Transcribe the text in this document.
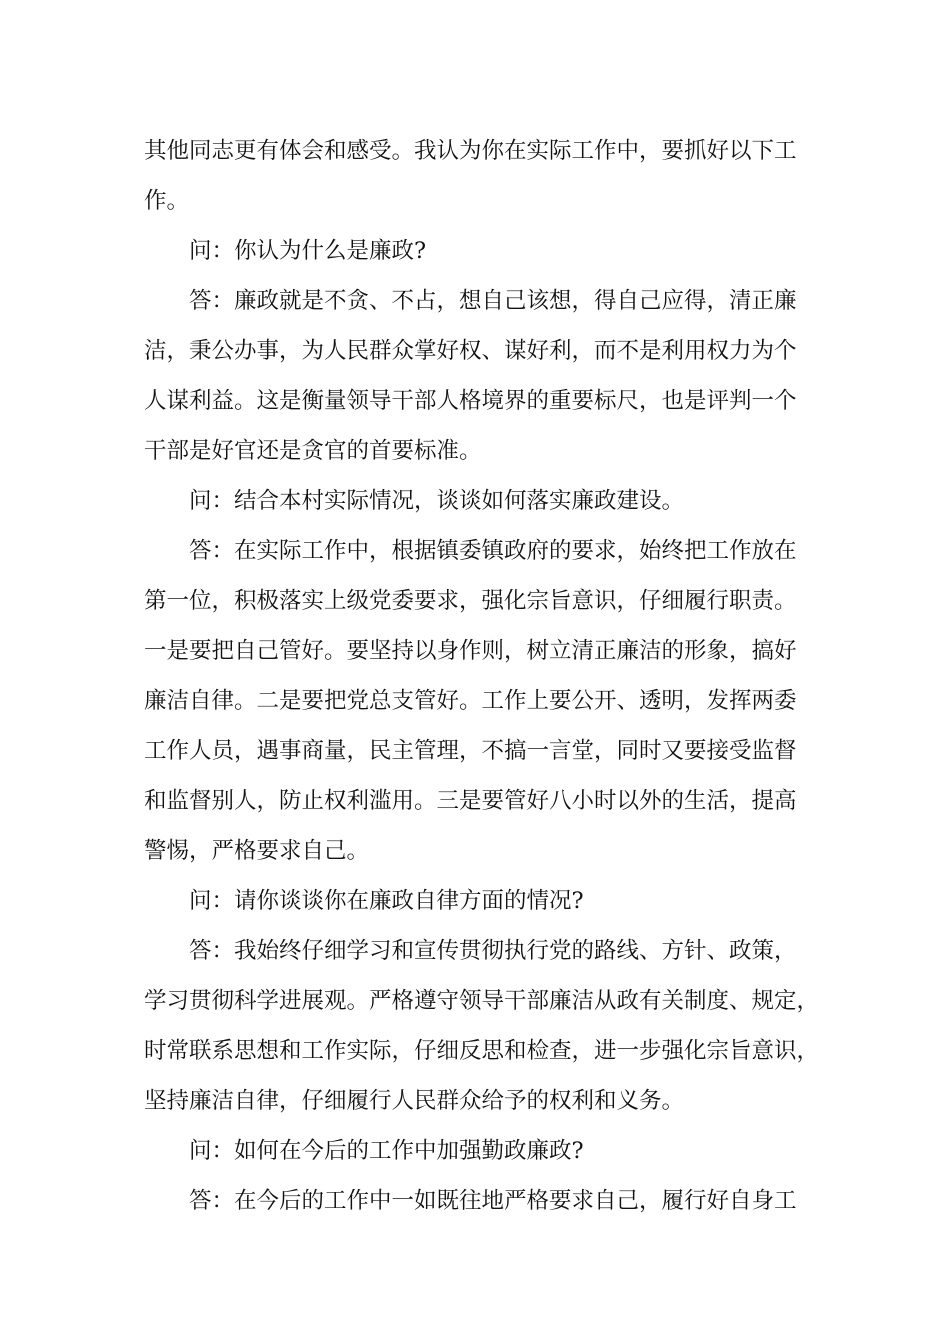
其他同志更有体会和感受。我认为你在实际工作中，要抓好以下工
作。
问：你认为什么是廉政?
答：廉政就是不贪、不占，想自己该想，得自己应得，清正廉
洁，秉公办事，为人民群众掌好权、谋好利，而不是利用权力为个
人谋利益。这是衡量领导干部人格境界的重要标尺，也是评判一个
干部是好官还是贪官的首要标准。
问：结合本村实际情况，谈谈如何落实廉政建设。
答：在实际工作中，根据镇委镇政府的要求，始终把工作放在
第一位，积极落实上级党委要求，强化宗旨意识，仔细履行职责。
一是要把自己管好。要坚持以身作则，树立清正廉洁的形象，搞好
廉洁自律。二是要把党总支管好。工作上要公开、透明，发挥两委
工作人员，遇事商量，民主管理，不搞一言堂，同时又要接受监督
和监督别人，防止权利滥用。三是要管好八小时以外的生活，提高
警惕，严格要求自己。
问：请你谈谈你在廉政自律方面的情况?
答：我始终仔细学习和宣传贯彻执行党的路线、方针、政策，
学习贯彻科学进展观。严格遵守领导干部廉洁从政有关制度、规定，
时常联系思想和工作实际，仔细反思和检查，进一步强化宗旨意识，
坚持廉洁自律，仔细履行人民群众给予的权利和义务。
问：如何在今后的工作中加强勤政廉政?
答：在今后的工作中一如既往地严格要求自己，履行好自身工
